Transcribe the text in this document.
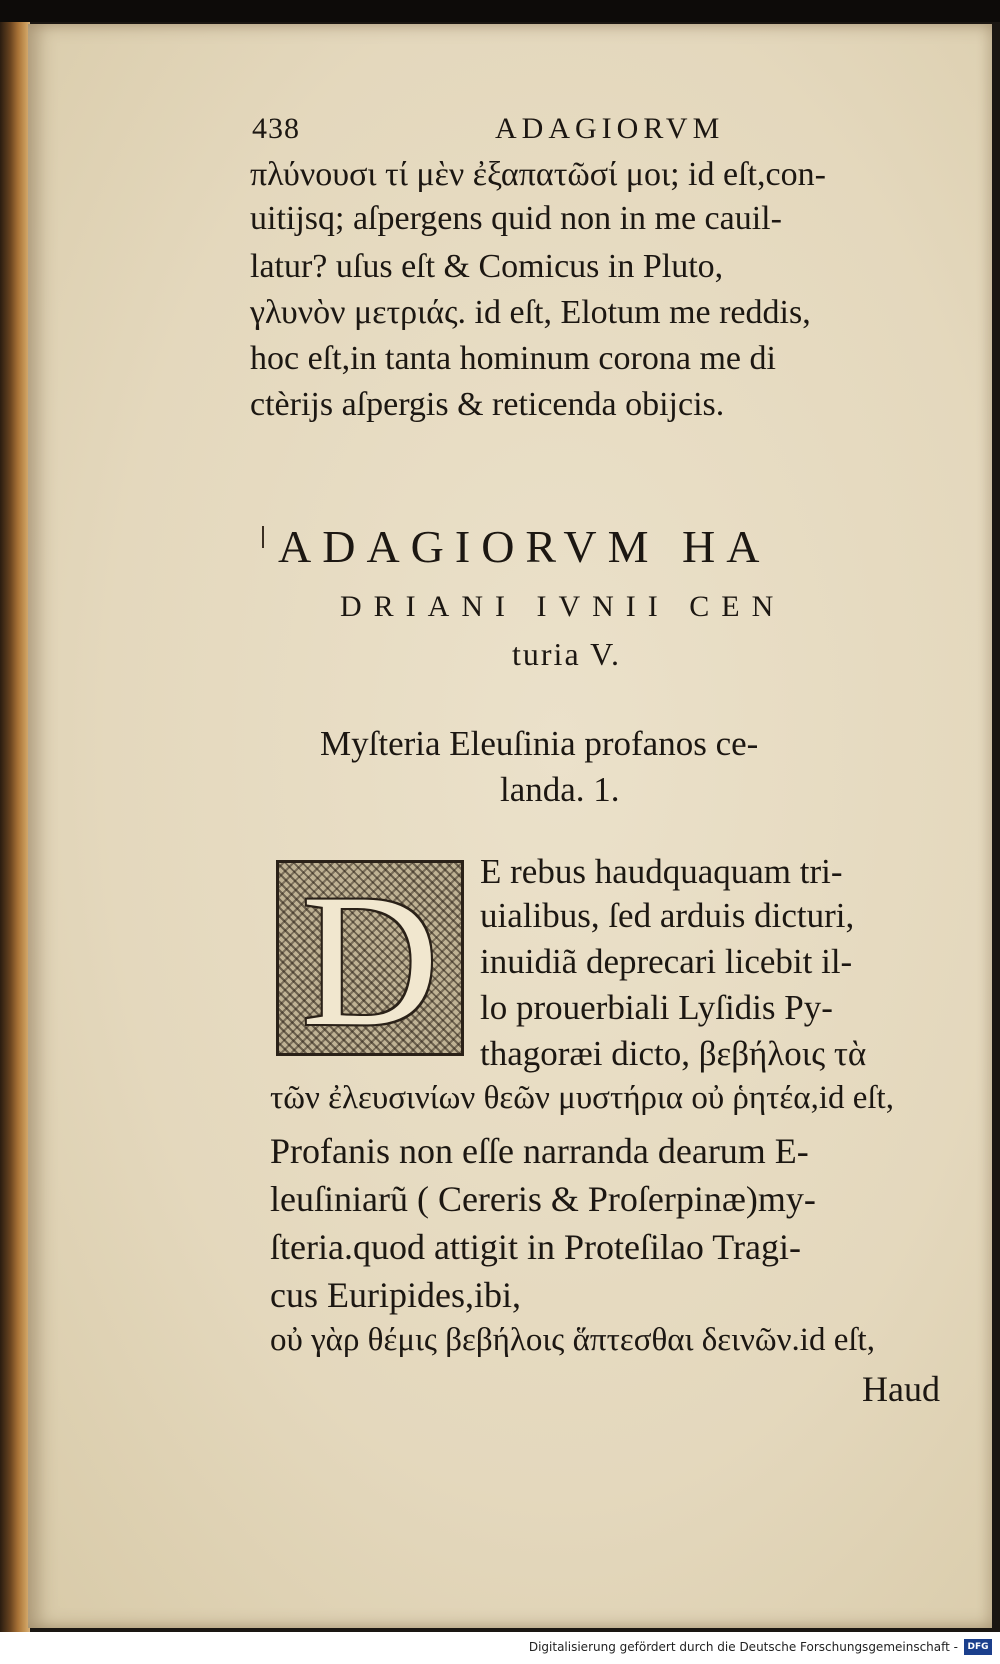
438	ADAGIORVM
πλύνουσι τί μὲν ἐξαπατῶσί μοι; id eſt,con-
uitijsq; aſpergens quid non in me cauil-
latur? uſus eſt & Comicus in Pluto,
γλυνὸν μετριάς. id eſt, Elotum me reddis,
hoc eſt,in tanta hominum corona me di
ctèrijs aſpergis & reticenda obijcis.
ADAGIORVM HA
DRIANI IVNII CEN
turia V.
Myſteria Eleuſinia profanos ce-
landa. 1.
D	E rebus haudquaquam tri-
uialibus, ſed arduis dicturi,
inuidiã deprecari licebit il-
lo prouerbiali Lyſidis Py-
thagoræi dicto, βεβήλοις τὰ
τῶν ἐλευσινίων θεῶν μυστήρια οὐ ῥητέα,id eſt,
Profanis non eſſe narranda dearum E-
leuſiniarũ ( Cereris & Proſerpinæ)my-
ſteria.quod attigit in Proteſilao Tragi-
cus Euripides,ibi,
οὐ γὰρ θέμις βεβήλοις ἅπτεσθαι δεινῶν.id eſt,
Haud
Digitalisierung gefördert durch die Deutsche Forschungsgemeinschaft -	DFG
